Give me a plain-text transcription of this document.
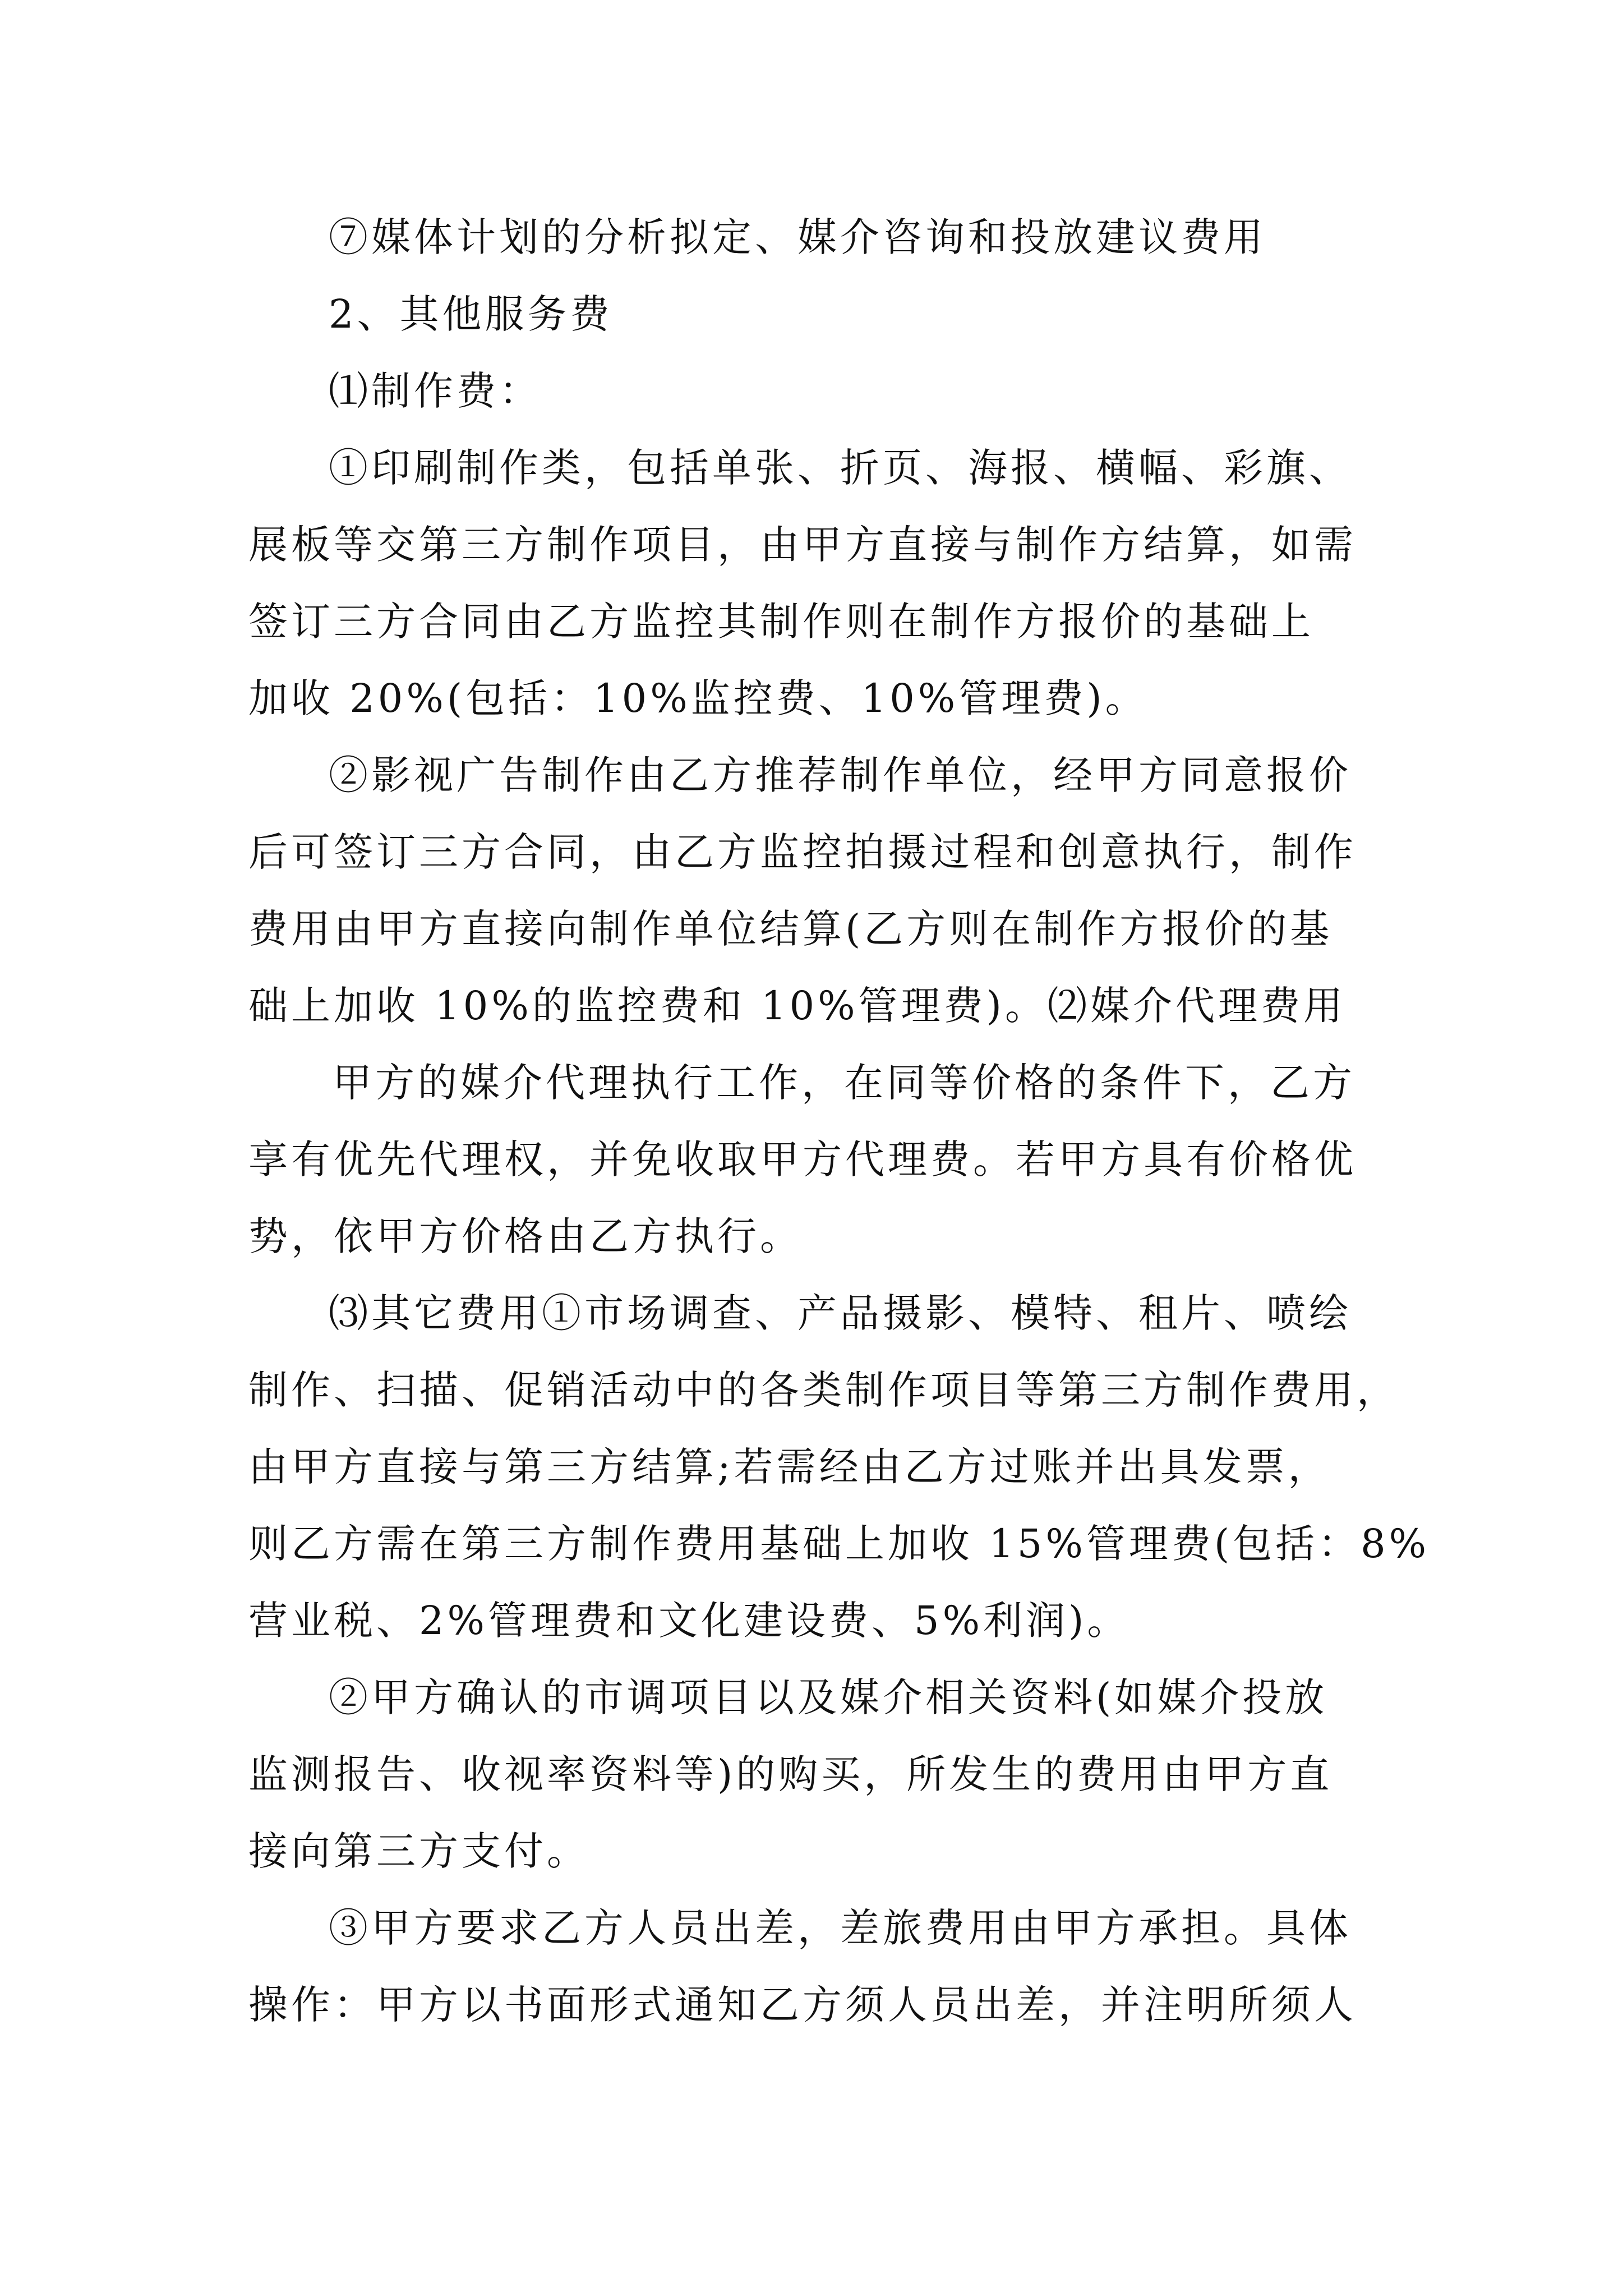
⑦媒体计划的分析拟定、媒介咨询和投放建议费用
2、其他服务费
⑴制作费：
①印刷制作类，包括单张、折页、海报、横幅、彩旗、
展板等交第三方制作项目，由甲方直接与制作方结算，如需
签订三方合同由乙方监控其制作则在制作方报价的基础上
加收 20%(包括：10%监控费、10%管理费)。
②影视广告制作由乙方推荐制作单位，经甲方同意报价
后可签订三方合同，由乙方监控拍摄过程和创意执行，制作
费用由甲方直接向制作单位结算(乙方则在制作方报价的基
础上加收 10%的监控费和 10%管理费)。⑵媒介代理费用
甲方的媒介代理执行工作，在同等价格的条件下，乙方
享有优先代理权，并免收取甲方代理费。若甲方具有价格优
势，依甲方价格由乙方执行。
⑶其它费用①市场调查、产品摄影、模特、租片、喷绘
制作、扫描、促销活动中的各类制作项目等第三方制作费用，
由甲方直接与第三方结算;若需经由乙方过账并出具发票，
则乙方需在第三方制作费用基础上加收 15%管理费(包括：8%
营业税、2%管理费和文化建设费、5%利润)。
②甲方确认的市调项目以及媒介相关资料(如媒介投放
监测报告、收视率资料等)的购买，所发生的费用由甲方直
接向第三方支付。
③甲方要求乙方人员出差，差旅费用由甲方承担。具体
操作：甲方以书面形式通知乙方须人员出差，并注明所须人
